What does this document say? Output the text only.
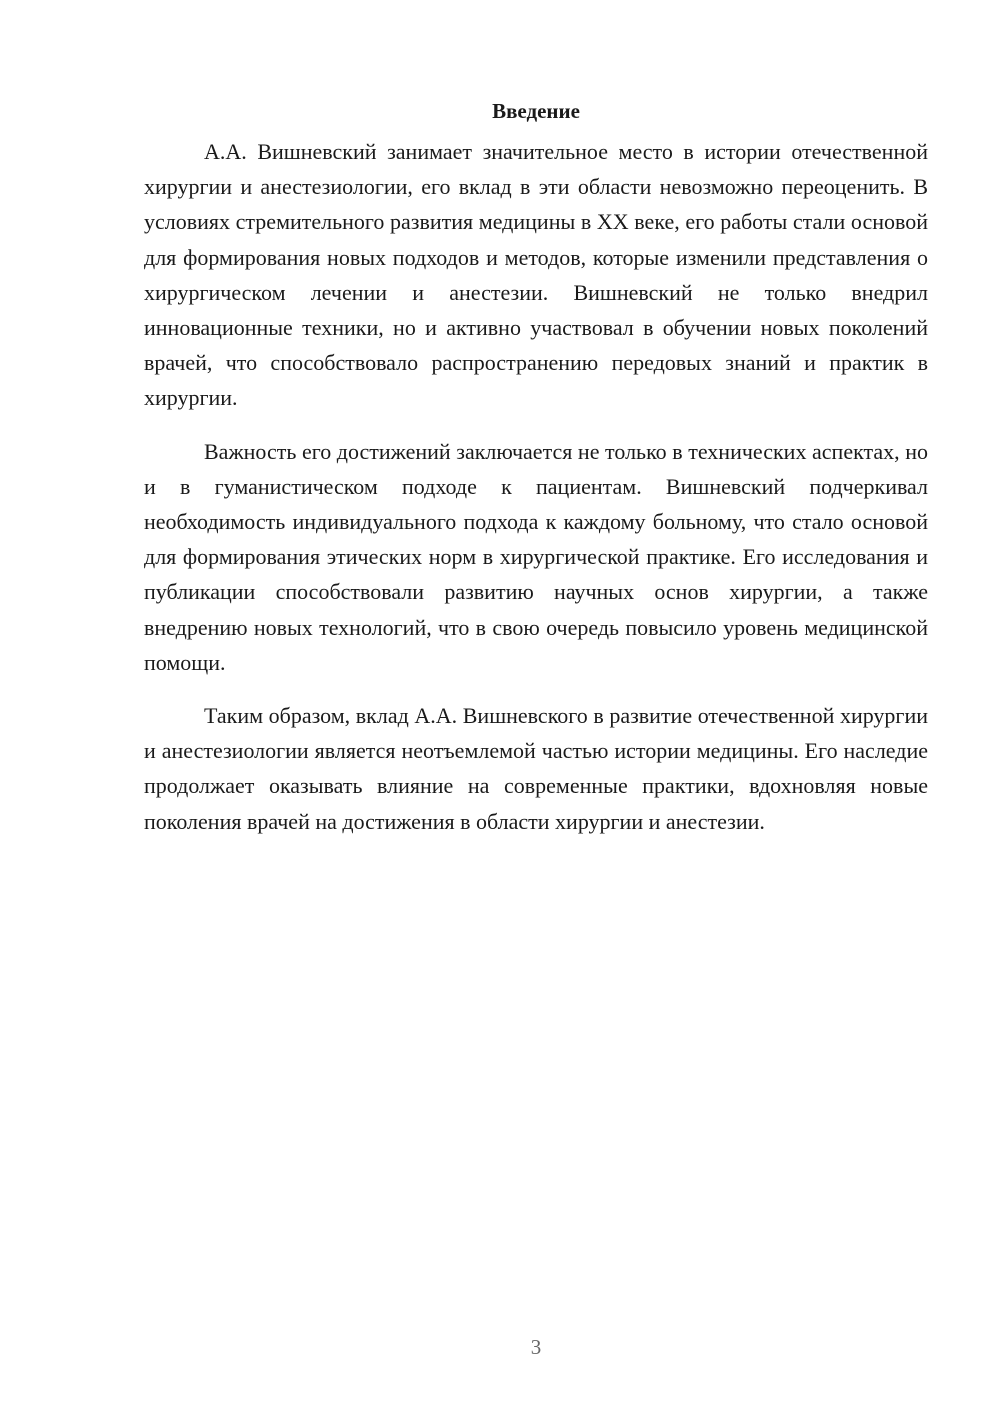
Введение

А.А. Вишневский занимает значительное место в истории отечественной хирургии и анестезиологии, его вклад в эти области невозможно переоценить. В условиях стремительного развития медицины в XX веке, его работы стали основой для формирования новых подходов и методов, которые изменили представления о хирургическом лечении и анестезии. Вишневский не только внедрил инновационные техники, но и активно участвовал в обучении новых поколений врачей, что способствовало распространению передовых знаний и практик в хирургии.

Важность его достижений заключается не только в технических аспектах, но и в гуманистическом подходе к пациентам. Вишневский подчеркивал необходимость индивидуального подхода к каждому больному, что стало основой для формирования этических норм в хирургической практике. Его исследования и публикации способствовали развитию научных основ хирургии, а также внедрению новых технологий, что в свою очередь повысило уровень медицинской помощи.

Таким образом, вклад А.А. Вишневского в развитие отечественной хирургии и анестезиологии является неотъемлемой частью истории медицины. Его наследие продолжает оказывать влияние на современные практики, вдохновляя новые поколения врачей на достижения в области хирургии и анестезии.

3
